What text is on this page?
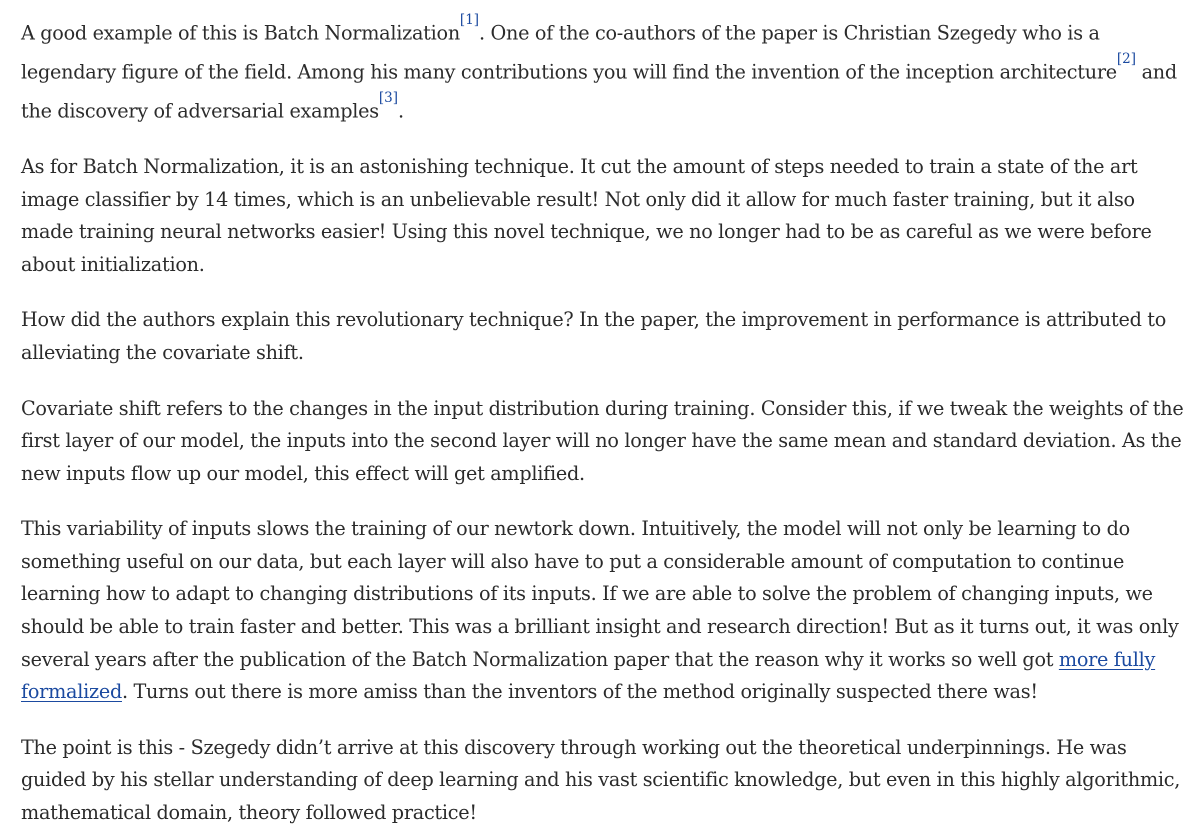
A good example of this is Batch Normalization[1]. One of the co-authors of the paper is Christian Szegedy who is a legendary figure of the field. Among his many contributions you will find the invention of the inception architecture[2] and the discovery of adversarial examples[3].

As for Batch Normalization, it is an astonishing technique. It cut the amount of steps needed to train a state of the art image classifier by 14 times, which is an unbelievable result! Not only did it allow for much faster training, but it also made training neural networks easier! Using this novel technique, we no longer had to be as careful as we were before about initialization.

How did the authors explain this revolutionary technique? In the paper, the improvement in performance is attributed to alleviating the covariate shift.

Covariate shift refers to the changes in the input distribution during training. Consider this, if we tweak the weights of the first layer of our model, the inputs into the second layer will no longer have the same mean and standard deviation. As the new inputs flow up our model, this effect will get amplified.

This variability of inputs slows the training of our newtork down. Intuitively, the model will not only be learning to do something useful on our data, but each layer will also have to put a considerable amount of computation to continue learning how to adapt to changing distributions of its inputs. If we are able to solve the problem of changing inputs, we should be able to train faster and better. This was a brilliant insight and research direction! But as it turns out, it was only several years after the publication of the Batch Normalization paper that the reason why it works so well got more fully formalized. Turns out there is more amiss than the inventors of the method originally suspected there was!

The point is this - Szegedy didn’t arrive at this discovery through working out the theoretical underpinnings. He was guided by his stellar understanding of deep learning and his vast scientific knowledge, but even in this highly algorithmic, mathematical domain, theory followed practice!
